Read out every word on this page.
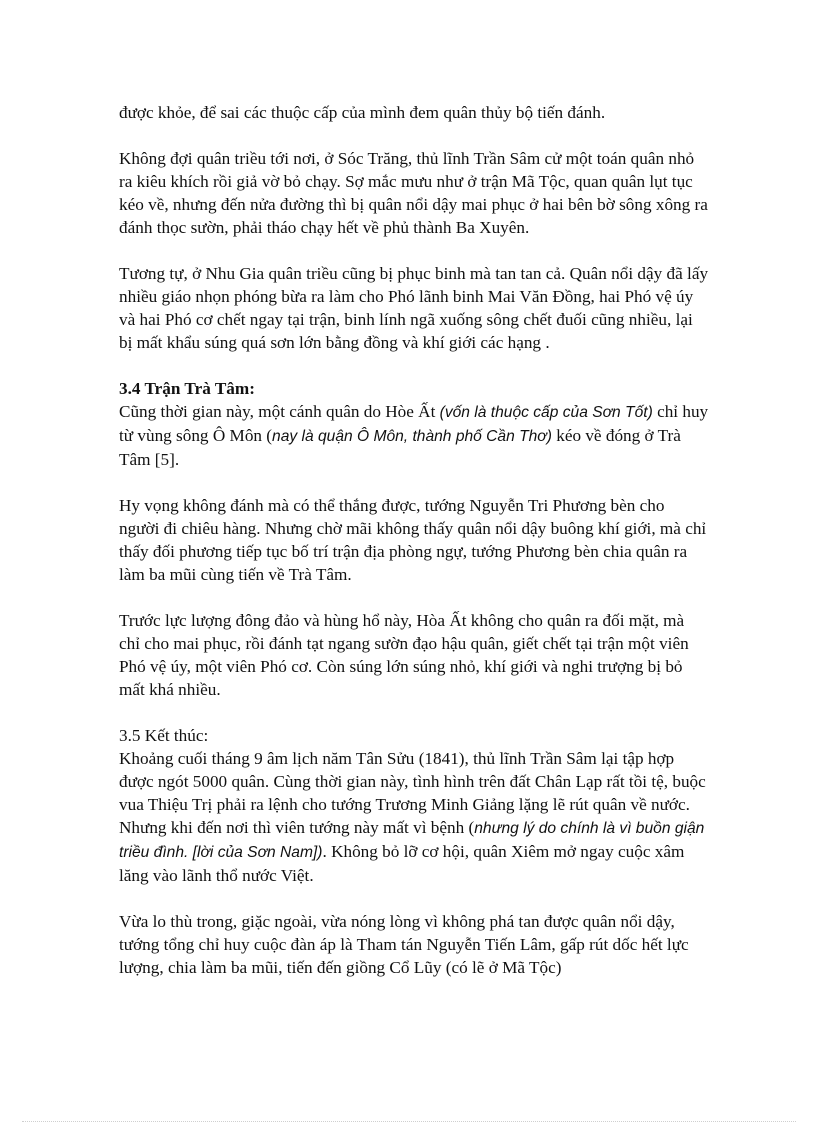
được khỏe, để sai các thuộc cấp của mình đem quân thủy bộ tiến đánh.

Không đợi quân triều tới nơi, ở Sóc Trăng, thủ lĩnh Trần Sâm cử một toán quân nhỏ ra kiêu khích rồi giả vờ bỏ chạy. Sợ mắc mưu như ở trận Mã Tộc, quan quân lụt tục kéo về, nhưng đến nửa đường thì bị quân nổi dậy mai phục ở hai bên bờ sông xông ra đánh thọc sườn, phải tháo chạy hết về phủ thành Ba Xuyên.

Tương tự, ở Nhu Gia quân triều cũng bị phục binh mà tan tan cả. Quân nổi dậy đã lấy nhiều giáo nhọn phóng bừa ra làm cho Phó lãnh binh Mai Văn Đồng, hai Phó vệ úy và hai Phó cơ chết ngay tại trận, binh lính ngã xuống sông chết đuối cũng nhiều, lại bị mất khẩu súng quá sơn lớn bằng đồng và khí giới các hạng .

3.4 Trận Trà Tâm:

Cũng thời gian này, một cánh quân do Hòe Ất (vốn là thuộc cấp của Sơn Tốt) chỉ huy từ vùng sông Ô Môn (nay là quận Ô Môn, thành phố Cần Thơ) kéo về đóng ở Trà Tâm [5].

Hy vọng không đánh mà có thể thắng được, tướng Nguyễn Tri Phương bèn cho người đi chiêu hàng. Nhưng chờ mãi không thấy quân nổi dậy buông khí giới, mà chỉ thấy đối phương tiếp tục bố trí trận địa phòng ngự, tướng Phương bèn chia quân ra làm ba mũi cùng tiến về Trà Tâm.

Trước lực lượng đông đảo và hùng hổ này, Hòa Ất không cho quân ra đối mặt, mà chỉ cho mai phục, rồi đánh tạt ngang sườn đạo hậu quân, giết chết tại trận một viên Phó vệ úy, một viên Phó cơ. Còn súng lớn súng nhỏ, khí giới và nghi trượng bị bỏ mất khá nhiều.

3.5 Kết thúc:

Khoảng cuối tháng 9 âm lịch năm Tân Sửu (1841), thủ lĩnh Trần Sâm lại tập hợp được ngót 5000 quân. Cùng thời gian này, tình hình trên đất Chân Lạp rất tồi tệ, buộc vua Thiệu Trị phải ra lệnh cho tướng Trương Minh Giảng lặng lẽ rút quân về nước. Nhưng khi đến nơi thì viên tướng này mất vì bệnh (nhưng lý do chính là vì buồn giận triều đình. [lời của Sơn Nam]). Không bỏ lỡ cơ hội, quân Xiêm mở ngay cuộc xâm lăng vào lãnh thổ nước Việt.

Vừa lo thù trong, giặc ngoài, vừa nóng lòng vì không phá tan được quân nổi dậy, tướng tổng chỉ huy cuộc đàn áp là Tham tán Nguyễn Tiến Lâm, gấp rút dốc hết lực lượng, chia làm ba mũi, tiến đến giồng Cổ Lũy (có lẽ ở Mã Tộc)
